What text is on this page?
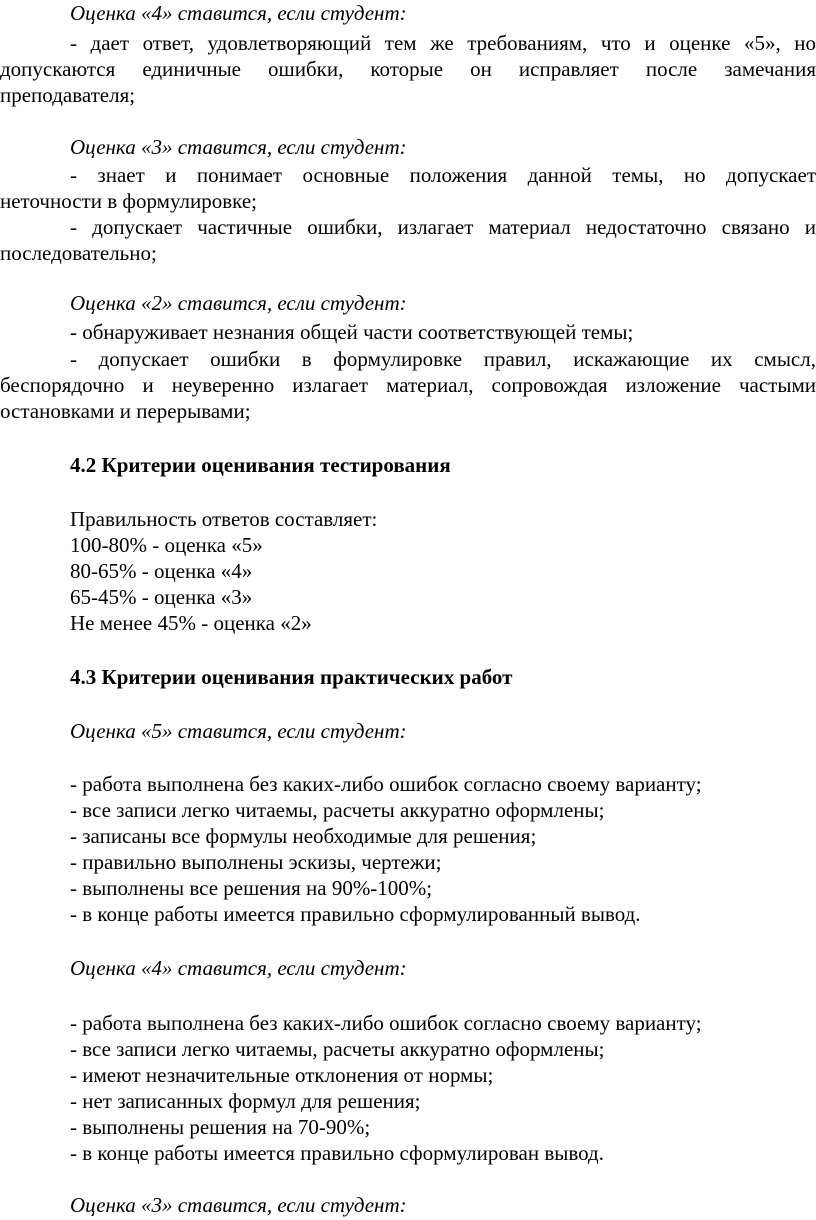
Оценка «4» ставится, если студент:
- дает ответ, удовлетворяющий тем же требованиям, что и оценке «5», но
допускаются единичные ошибки, которые он исправляет после замечания
преподавателя;
Оценка «3» ставится, если студент:
- знает и понимает основные положения данной темы, но допускает
неточности в формулировке;
- допускает частичные ошибки, излагает материал недостаточно связано и
последовательно;
Оценка «2» ставится, если студент:
- обнаруживает незнания общей части соответствующей темы;
- допускает ошибки в формулировке правил, искажающие их смысл,
беспорядочно и неуверенно излагает материал, сопровождая изложение частыми
остановками и перерывами;
4.2 Критерии оценивания тестирования
Правильность ответов составляет:
100-80% - оценка «5»
80-65% - оценка «4»
65-45% - оценка «3»
Не менее 45% - оценка «2»
4.3 Критерии оценивания практических работ
Оценка «5» ставится, если студент:
- работа выполнена без каких-либо ошибок согласно своему варианту;
- все записи легко читаемы, расчеты аккуратно оформлены;
- записаны все формулы необходимые для решения;
- правильно выполнены эскизы, чертежи;
- выполнены все решения на 90%-100%;
- в конце работы имеется правильно сформулированный вывод.
Оценка «4» ставится, если студент:
- работа выполнена без каких-либо ошибок согласно своему варианту;
- все записи легко читаемы, расчеты аккуратно оформлены;
- имеют незначительные отклонения от нормы;
- нет записанных формул для решения;
- выполнены решения на 70-90%;
- в конце работы имеется правильно сформулирован вывод.
Оценка «3» ставится, если студент:
